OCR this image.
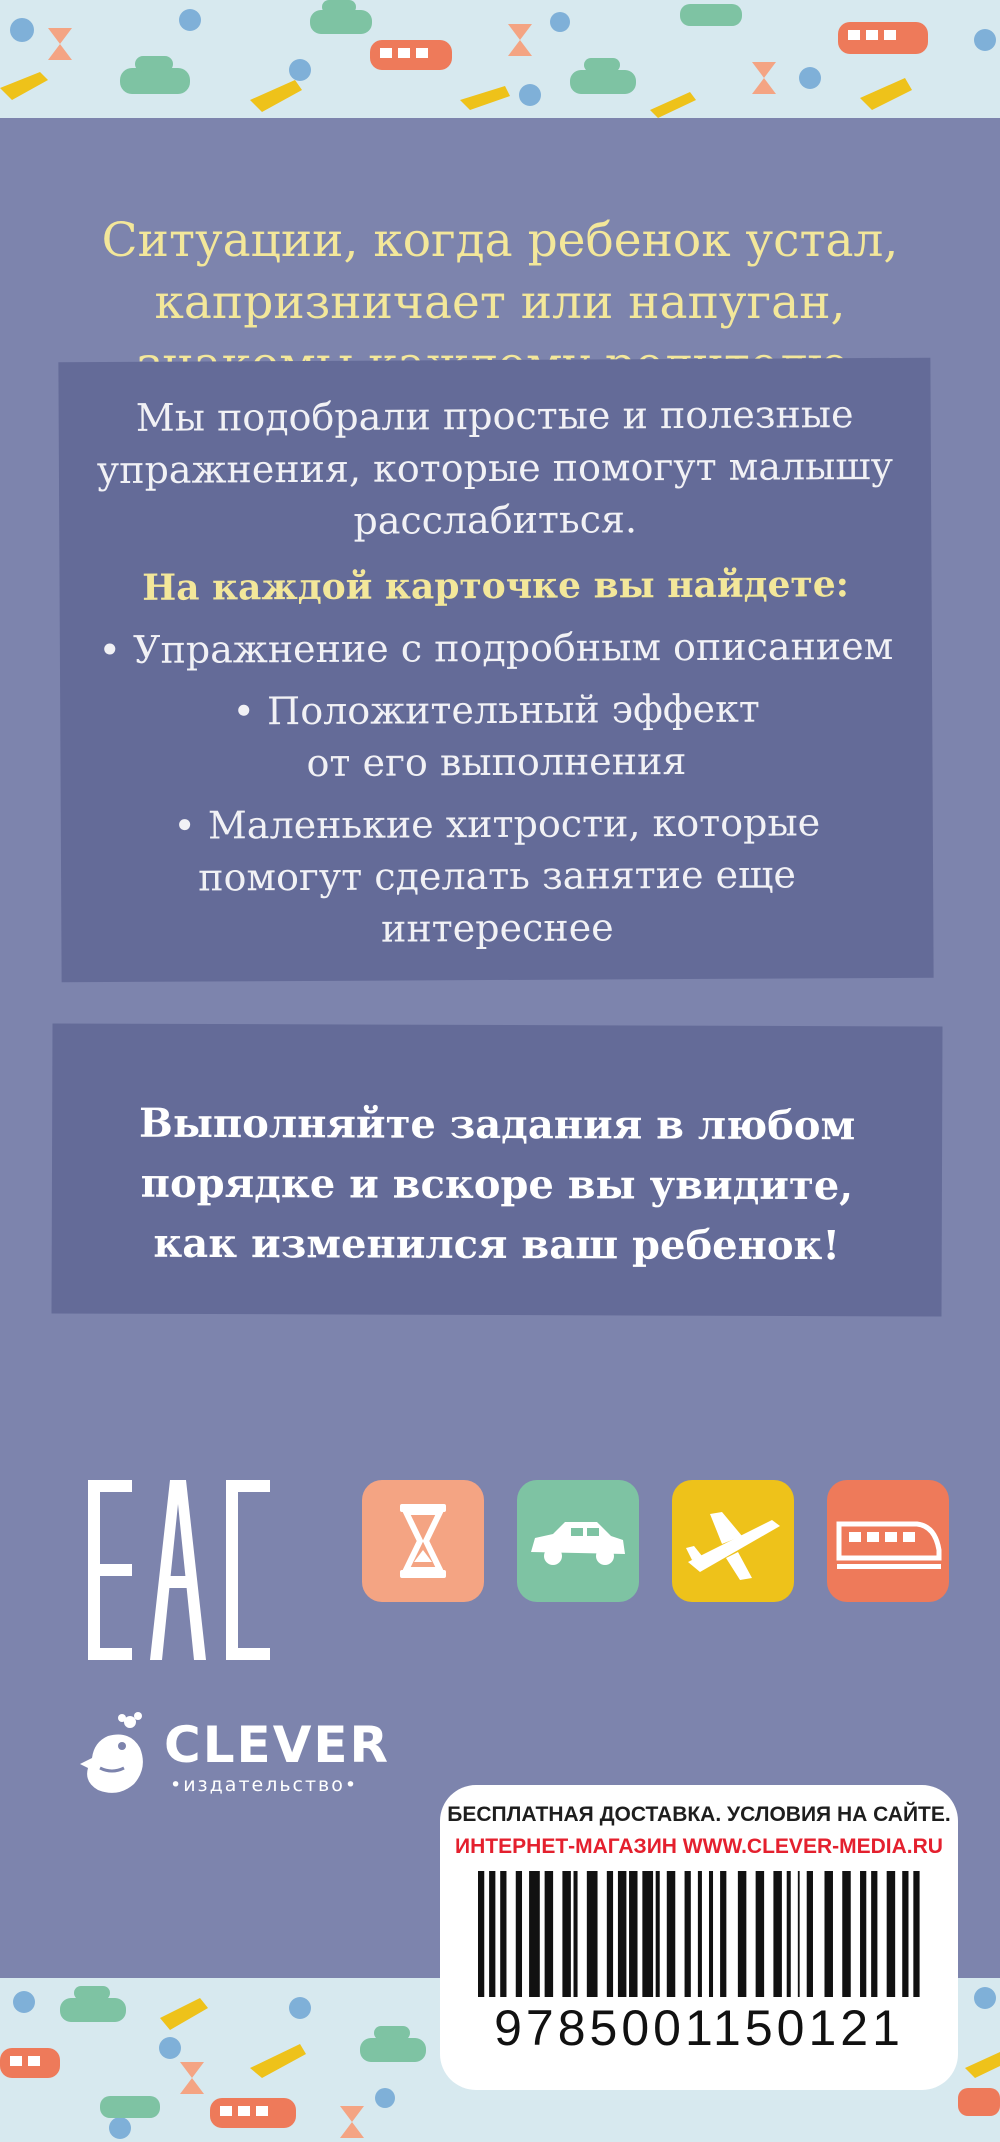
Ситуации, когда ребенок устал,
капризничает или напуган,
Мы подобрали простые и полезные
упражнения, которые помогут малышу
расслабиться.
На каждой карточке вы найдете:
• Упражнение с подробным описанием
• Положительный эффект
от его выполнения
• Маленькие хитрости, которые
помогут сделать занятие еще
интереснее
Выполняйте задания в любом
порядке и вскоре вы увидите,
как изменился ваш ребенок!
CLEVER
•издательство•
БЕСПЛАТНАЯ ДОСТАВКА. УСЛОВИЯ НА САЙТЕ.
ИНТЕРНЕТ-МАГАЗИН WWW.CLEVER-MEDIA.RU
9785001150121
